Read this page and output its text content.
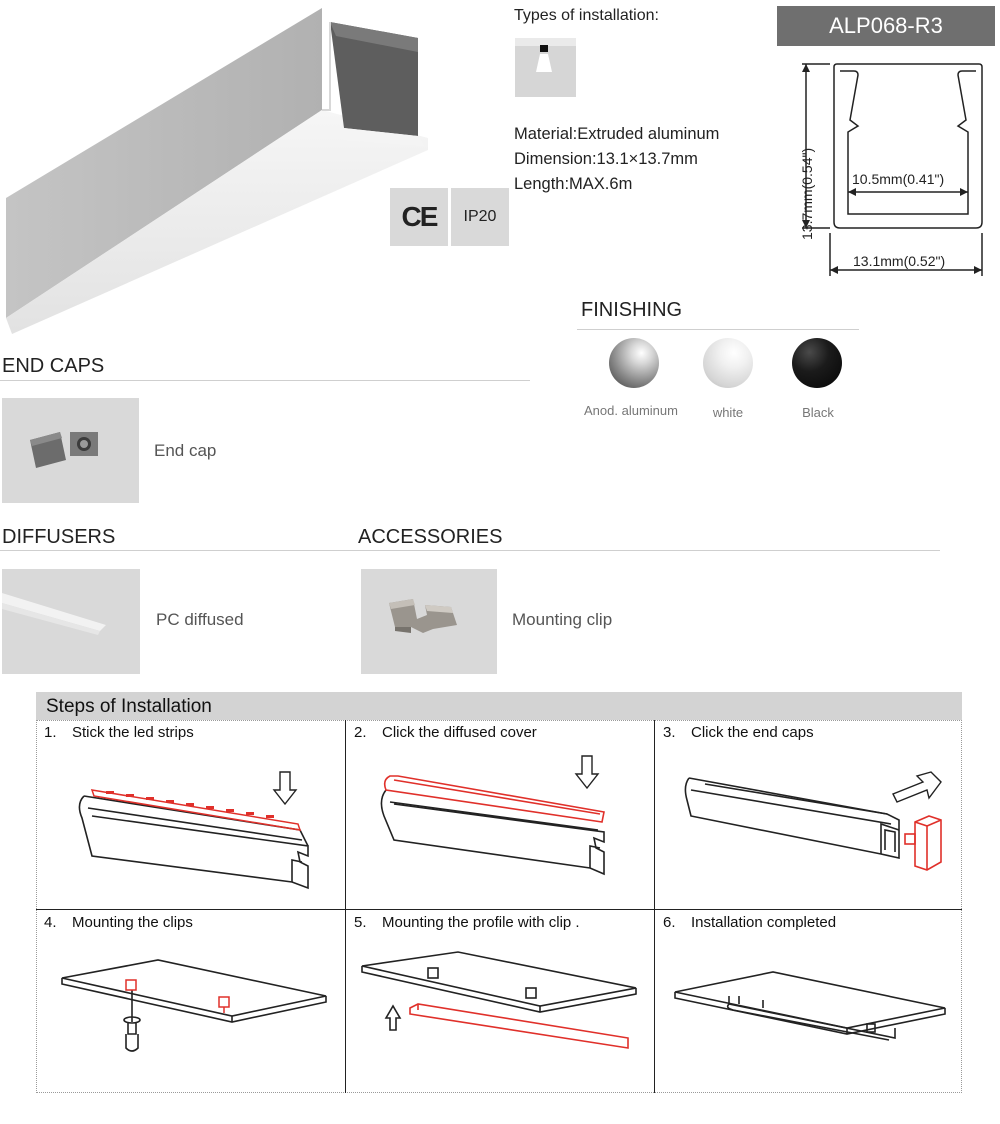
CE IP20
Types of installation:
Material:Extruded aluminum
Dimension:13.1×13.7mm
Length:MAX.6m
ALP068-R3
13.7mm(0.54")	10.5mm(0.41")
13.1mm(0.52")
FINISHING
Anod. aluminum	white	Black
END CAPS
End cap
DIFFUSERS	ACCESSORIES
PC diffused	Mounting clip
Steps of Installation
1. Stick the led strips	2. Click the diffused cover	3. Click the end caps
4. Mounting the clips	5. Mounting the profile with clip .	6. Installation completed
